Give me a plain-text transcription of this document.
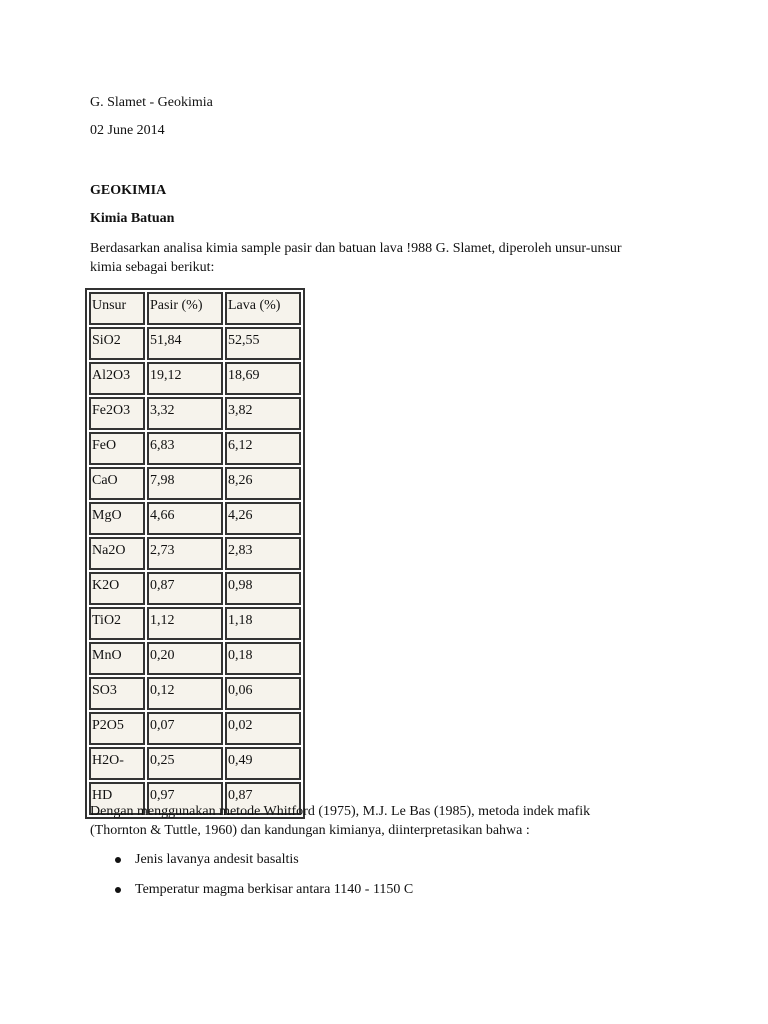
G. Slamet - Geokimia
02 June 2014
GEOKIMIA
Kimia Batuan
Berdasarkan analisa kimia sample pasir dan batuan lava !988 G. Slamet, diperoleh unsur-unsur
kimia sebagai berikut:
Unsur	Pasir (%)	Lava (%)
SiO2	51,84	52,55
Al2O3	19,12	18,69
Fe2O3	3,32	3,82
FeO	6,83	6,12
CaO	7,98	8,26
MgO	4,66	4,26
Na2O	2,73	2,83
K2O	0,87	0,98
TiO2	1,12	1,18
MnO	0,20	0,18
SO3	0,12	0,06
P2O5	0,07	0,02
H2O-	0,25	0,49
HD	0,97	0,87
Dengan menggunakan metode Whitford (1975), M.J. Le Bas (1985), metoda indek mafik
(Thornton & Tuttle, 1960) dan kandungan kimianya, diinterpretasikan bahwa :
Jenis lavanya andesit basaltis
Temperatur magma berkisar antara 1140 - 1150 C
